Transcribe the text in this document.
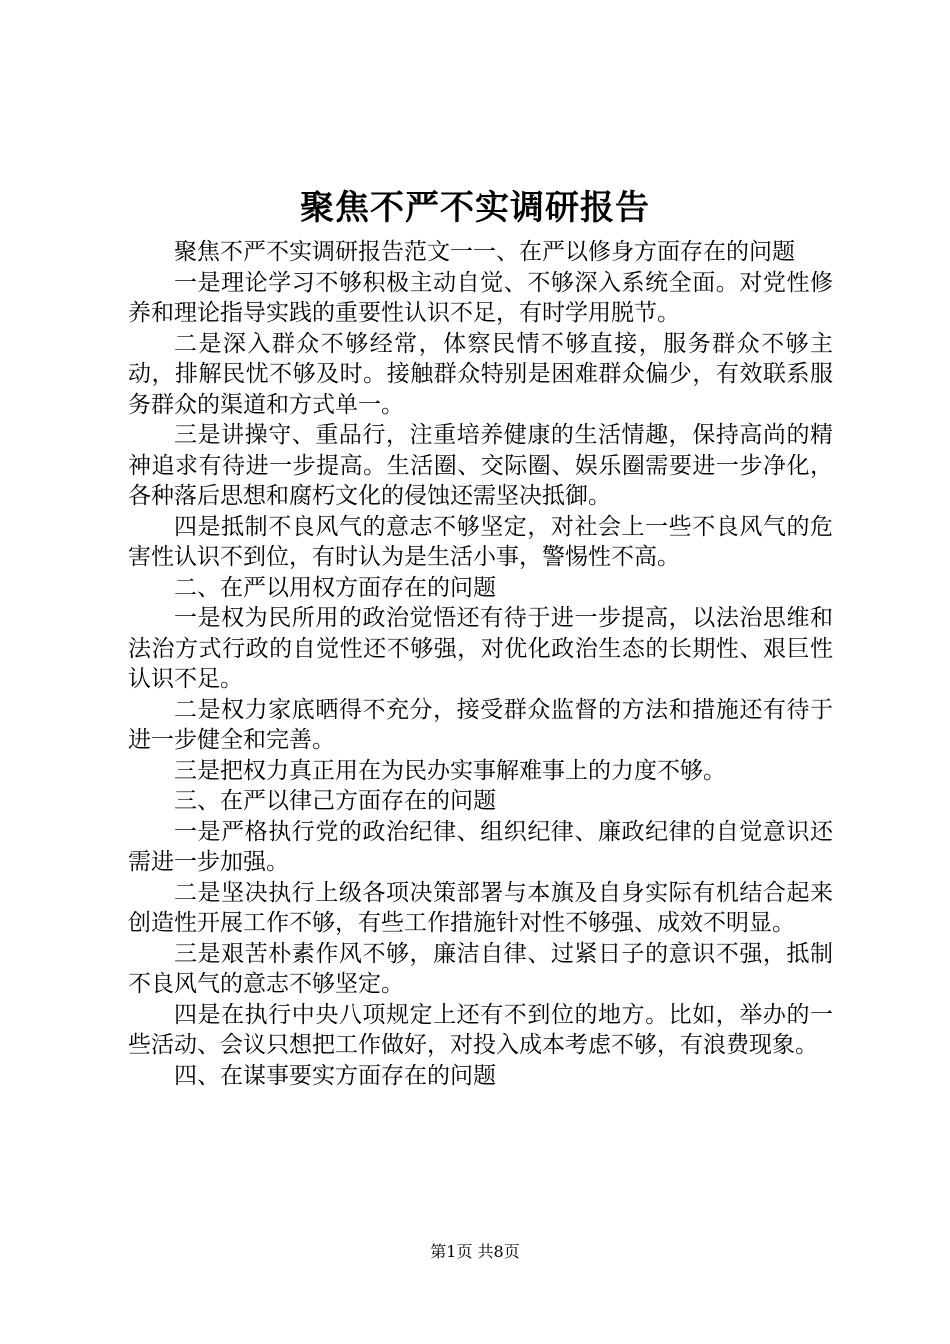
聚焦不严不实调研报告

聚焦不严不实调研报告范文一一、在严以修身方面存在的问题

一是理论学习不够积极主动自觉、不够深入系统全面。对党性修养和理论指导实践的重要性认识不足，有时学用脱节。

二是深入群众不够经常，体察民情不够直接，服务群众不够主动，排解民忧不够及时。接触群众特别是困难群众偏少，有效联系服务群众的渠道和方式单一。

三是讲操守、重品行，注重培养健康的生活情趣，保持高尚的精神追求有待进一步提高。生活圈、交际圈、娱乐圈需要进一步净化，各种落后思想和腐朽文化的侵蚀还需坚决抵御。

四是抵制不良风气的意志不够坚定，对社会上一些不良风气的危害性认识不到位，有时认为是生活小事，警惕性不高。

二、在严以用权方面存在的问题

一是权为民所用的政治觉悟还有待于进一步提高，以法治思维和法治方式行政的自觉性还不够强，对优化政治生态的长期性、艰巨性认识不足。

二是权力家底晒得不充分，接受群众监督的方法和措施还有待于进一步健全和完善。

三是把权力真正用在为民办实事解难事上的力度不够。

三、在严以律己方面存在的问题

一是严格执行党的政治纪律、组织纪律、廉政纪律的自觉意识还需进一步加强。

二是坚决执行上级各项决策部署与本旗及自身实际有机结合起来创造性开展工作不够，有些工作措施针对性不够强、成效不明显。

三是艰苦朴素作风不够，廉洁自律、过紧日子的意识不强，抵制不良风气的意志不够坚定。

四是在执行中央八项规定上还有不到位的地方。比如，举办的一些活动、会议只想把工作做好，对投入成本考虑不够，有浪费现象。

四、在谋事要实方面存在的问题

第1页 共8页
